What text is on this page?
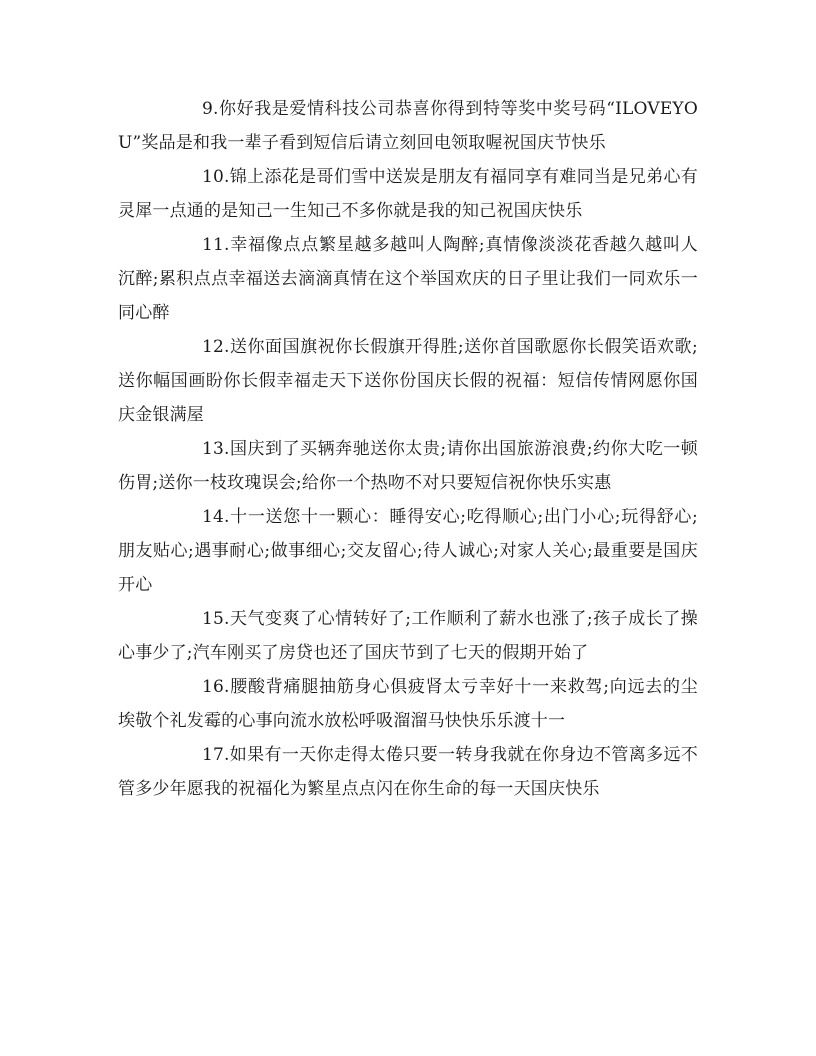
9.你好我是爱情科技公司恭喜你得到特等奖中奖号码“ILOVEYOU”奖品是和我一辈子看到短信后请立刻回电领取喔祝国庆节快乐

10.锦上添花是哥们雪中送炭是朋友有福同享有难同当是兄弟心有灵犀一点通的是知己一生知己不多你就是我的知己祝国庆快乐

11.幸福像点点繁星越多越叫人陶醉;真情像淡淡花香越久越叫人沉醉;累积点点幸福送去滴滴真情在这个举国欢庆的日子里让我们一同欢乐一同心醉

12.送你面国旗祝你长假旗开得胜;送你首国歌愿你长假笑语欢歌;送你幅国画盼你长假幸福走天下送你份国庆长假的祝福：短信传情网愿你国庆金银满屋

13.国庆到了买辆奔驰送你太贵;请你出国旅游浪费;约你大吃一顿伤胃;送你一枝玫瑰误会;给你一个热吻不对只要短信祝你快乐实惠

14.十一送您十一颗心：睡得安心;吃得顺心;出门小心;玩得舒心;朋友贴心;遇事耐心;做事细心;交友留心;待人诚心;对家人关心;最重要是国庆开心

15.天气变爽了心情转好了;工作顺利了薪水也涨了;孩子成长了操心事少了;汽车刚买了房贷也还了国庆节到了七天的假期开始了

16.腰酸背痛腿抽筋身心俱疲肾太亏幸好十一来救驾;向远去的尘埃敬个礼发霉的心事向流水放松呼吸溜溜马快快乐乐渡十一

17.如果有一天你走得太倦只要一转身我就在你身边不管离多远不管多少年愿我的祝福化为繁星点点闪在你生命的每一天国庆快乐
